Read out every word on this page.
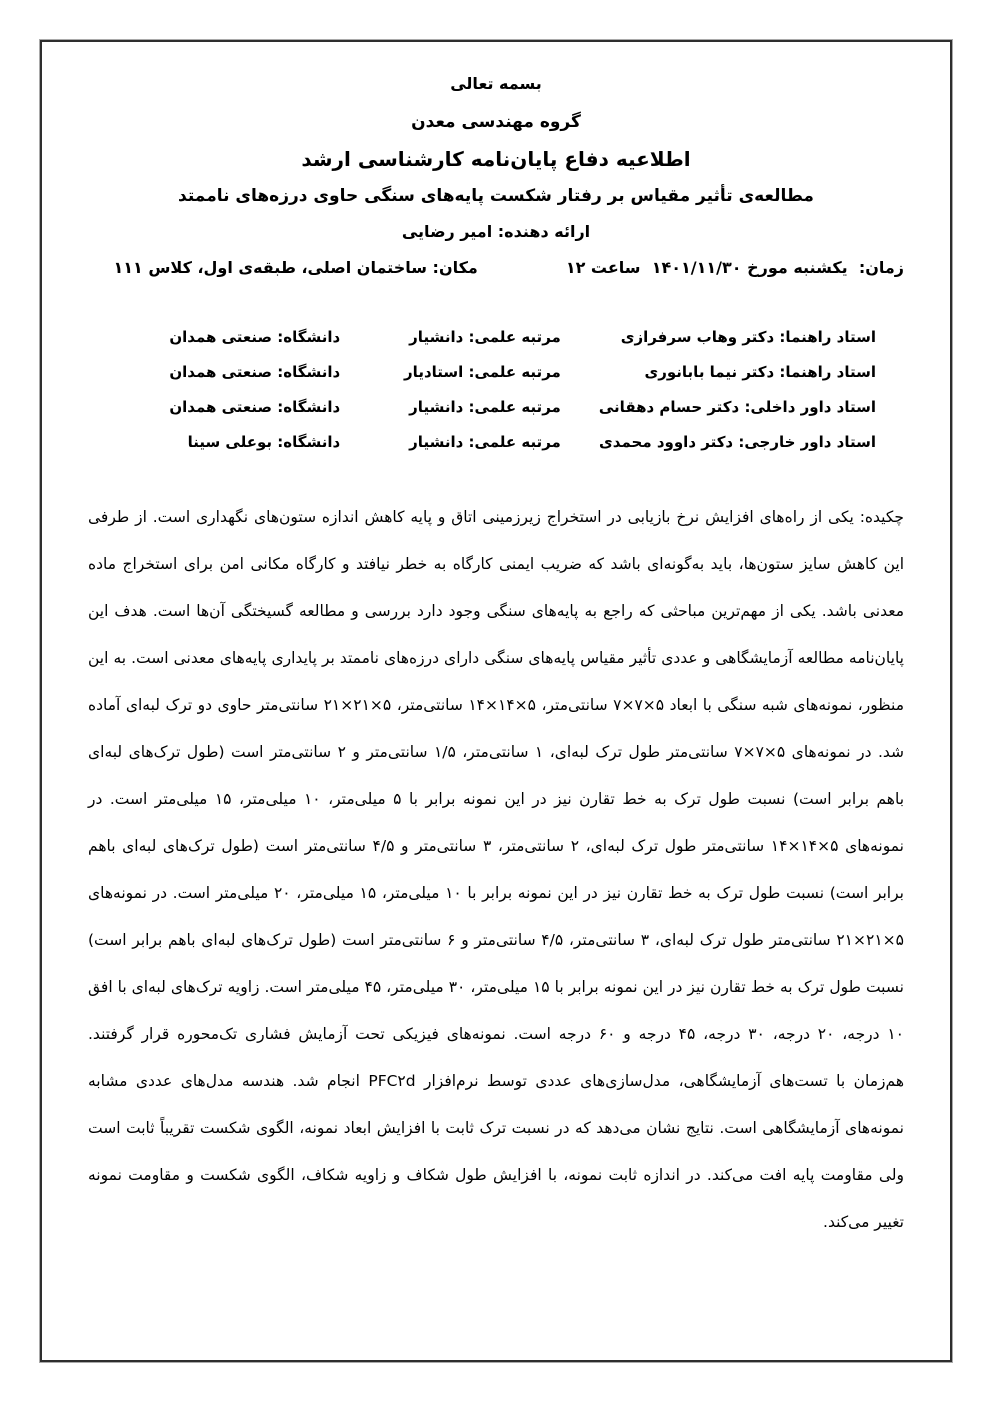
بسمه تعالی
گروه مهندسی معدن
اطلاعیه دفاع پایان‌نامه کارشناسی ارشد
مطالعه‌ی تأثیر مقیاس بر رفتار شکست پایه‌های سنگی حاوی درزه‌های ناممتد
ارائه دهنده: امیر رضایی
زمان:  یکشنبه مورخ ۱۴۰۱/۱۱/۳۰  ساعت ۱۲
مکان: ساختمان اصلی، طبقه‌ی اول، کلاس ۱۱۱
استاد راهنما: دکتر وهاب سرفرازی
مرتبه علمی: دانشیار
دانشگاه: صنعتی همدان
استاد راهنما: دکتر نیما بابانوری
مرتبه علمی: استادیار
دانشگاه: صنعتی همدان
استاد داور داخلی: دکتر حسام دهقانی
مرتبه علمی: دانشیار
دانشگاه: صنعتی همدان
استاد داور خارجی: دکتر داوود محمدی
مرتبه علمی: دانشیار
دانشگاه: بوعلی سینا
چکیده: یکی از راه‌های افزایش نرخ بازیابی در استخراج زیرزمینی اتاق و پایه کاهش اندازه ستون‌های نگهداری است. از طرفی این کاهش سایز ستون‌ها، باید به‌گونه‌ای باشد که ضریب ایمنی کارگاه به خطر نیافتد و کارگاه مکانی امن برای استخراج ماده معدنی باشد. یکی از مهم‌ترین مباحثی که راجع به پایه‌های سنگی وجود دارد بررسی و مطالعه گسیختگی آن‌ها است. هدف این پایان‌نامه مطالعه آزمایشگاهی و عددی تأثیر مقیاس پایه‌های سنگی دارای درزه‌های ناممتد بر پایداری پایه‌های معدنی است. به این منظور، نمونه‌های شبه سنگی با ابعاد ۵×۷×۷ سانتی‌متر، ۵×۱۴×۱۴ سانتی‌متر، ۵×۲۱×۲۱ سانتی‌متر حاوی دو ترک لبه‌ای آماده شد. در نمونه‌های ۵×۷×۷ سانتی‌متر طول ترک لبه‌ای، ۱ سانتی‌متر، ۱/۵ سانتی‌متر و ۲ سانتی‌متر است (طول ترک‌های لبه‌ای باهم برابر است) نسبت طول ترک به خط تقارن نیز در این نمونه برابر با ۵ میلی‌متر، ۱۰ میلی‌متر، ۱۵ میلی‌متر است. در نمونه‌های ۵×۱۴×۱۴ سانتی‌متر طول ترک لبه‌ای، ۲ سانتی‌متر، ۳ سانتی‌متر و ۴/۵ سانتی‌متر است (طول ترک‌های لبه‌ای باهم برابر است) نسبت طول ترک به خط تقارن نیز در این نمونه برابر با ۱۰ میلی‌متر، ۱۵ میلی‌متر، ۲۰ میلی‌متر است. در نمونه‌های ۵×۲۱×۲۱ سانتی‌متر طول ترک لبه‌ای، ۳ سانتی‌متر، ۴/۵ سانتی‌متر و ۶ سانتی‌متر است (طول ترک‌های لبه‌ای باهم برابر است) نسبت طول ترک به خط تقارن نیز در این نمونه برابر با ۱۵ میلی‌متر، ۳۰ میلی‌متر، ۴۵ میلی‌متر است. زاویه ترک‌های لبه‌ای با افق ۱۰ درجه، ۲۰ درجه، ۳۰ درجه، ۴۵ درجه و ۶۰ درجه است. نمونه‌های فیزیکی تحت آزمایش فشاری تک‌محوره قرار گرفتند. هم‌زمان با تست‌های آزمایشگاهی، مدل‌سازی‌های عددی توسط نرم‌افزار PFC۲d انجام شد. هندسه مدل‌های عددی مشابه نمونه‌های آزمایشگاهی است. نتایج نشان می‌دهد که در نسبت ترک ثابت با افزایش ابعاد نمونه، الگوی شکست تقریباً ثابت است ولی مقاومت پایه افت می‌کند. در اندازه ثابت نمونه، با افزایش طول شکاف و زاویه شکاف، الگوی شکست و مقاومت نمونه تغییر می‌کند.
